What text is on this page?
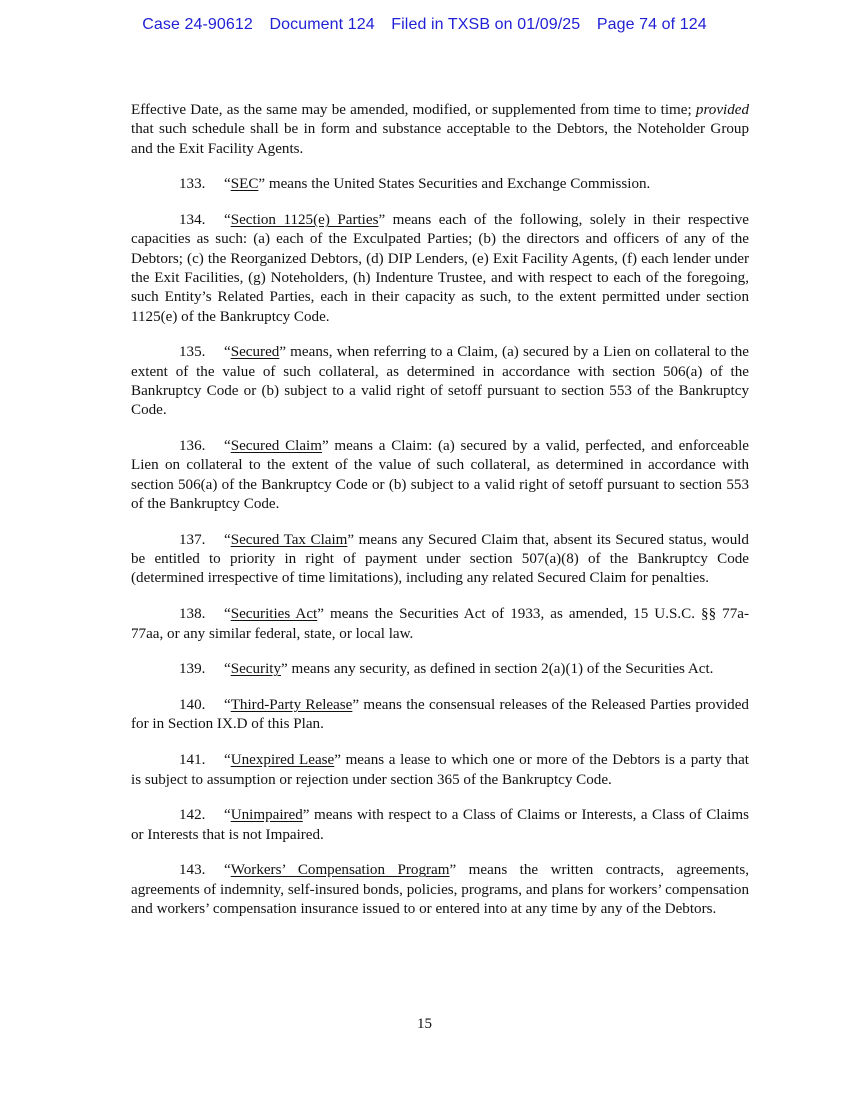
Case 24-90612 Document 124 Filed in TXSB on 01/09/25 Page 74 of 124

Effective Date, as the same may be amended, modified, or supplemented from time to time; provided that such schedule shall be in form and substance acceptable to the Debtors, the Noteholder Group and the Exit Facility Agents.

133. “SEC” means the United States Securities and Exchange Commission.

134. “Section 1125(e) Parties” means each of the following, solely in their respective capacities as such: (a) each of the Exculpated Parties; (b) the directors and officers of any of the Debtors; (c) the Reorganized Debtors, (d) DIP Lenders, (e) Exit Facility Agents, (f) each lender under the Exit Facilities, (g) Noteholders, (h) Indenture Trustee, and with respect to each of the foregoing, such Entity’s Related Parties, each in their capacity as such, to the extent permitted under section 1125(e) of the Bankruptcy Code.

135. “Secured” means, when referring to a Claim, (a) secured by a Lien on collateral to the extent of the value of such collateral, as determined in accordance with section 506(a) of the Bankruptcy Code or (b) subject to a valid right of setoff pursuant to section 553 of the Bankruptcy Code.

136. “Secured Claim” means a Claim: (a) secured by a valid, perfected, and enforceable Lien on collateral to the extent of the value of such collateral, as determined in accordance with section 506(a) of the Bankruptcy Code or (b) subject to a valid right of setoff pursuant to section 553 of the Bankruptcy Code.

137. “Secured Tax Claim” means any Secured Claim that, absent its Secured status, would be entitled to priority in right of payment under section 507(a)(8) of the Bankruptcy Code (determined irrespective of time limitations), including any related Secured Claim for penalties.

138. “Securities Act” means the Securities Act of 1933, as amended, 15 U.S.C. §§ 77a-77aa, or any similar federal, state, or local law.

139. “Security” means any security, as defined in section 2(a)(1) of the Securities Act.

140. “Third-Party Release” means the consensual releases of the Released Parties provided for in Section IX.D of this Plan.

141. “Unexpired Lease” means a lease to which one or more of the Debtors is a party that is subject to assumption or rejection under section 365 of the Bankruptcy Code.

142. “Unimpaired” means with respect to a Class of Claims or Interests, a Class of Claims or Interests that is not Impaired.

143. “Workers’ Compensation Program” means the written contracts, agreements, agreements of indemnity, self-insured bonds, policies, programs, and plans for workers’ compensation and workers’ compensation insurance issued to or entered into at any time by any of the Debtors.

15
